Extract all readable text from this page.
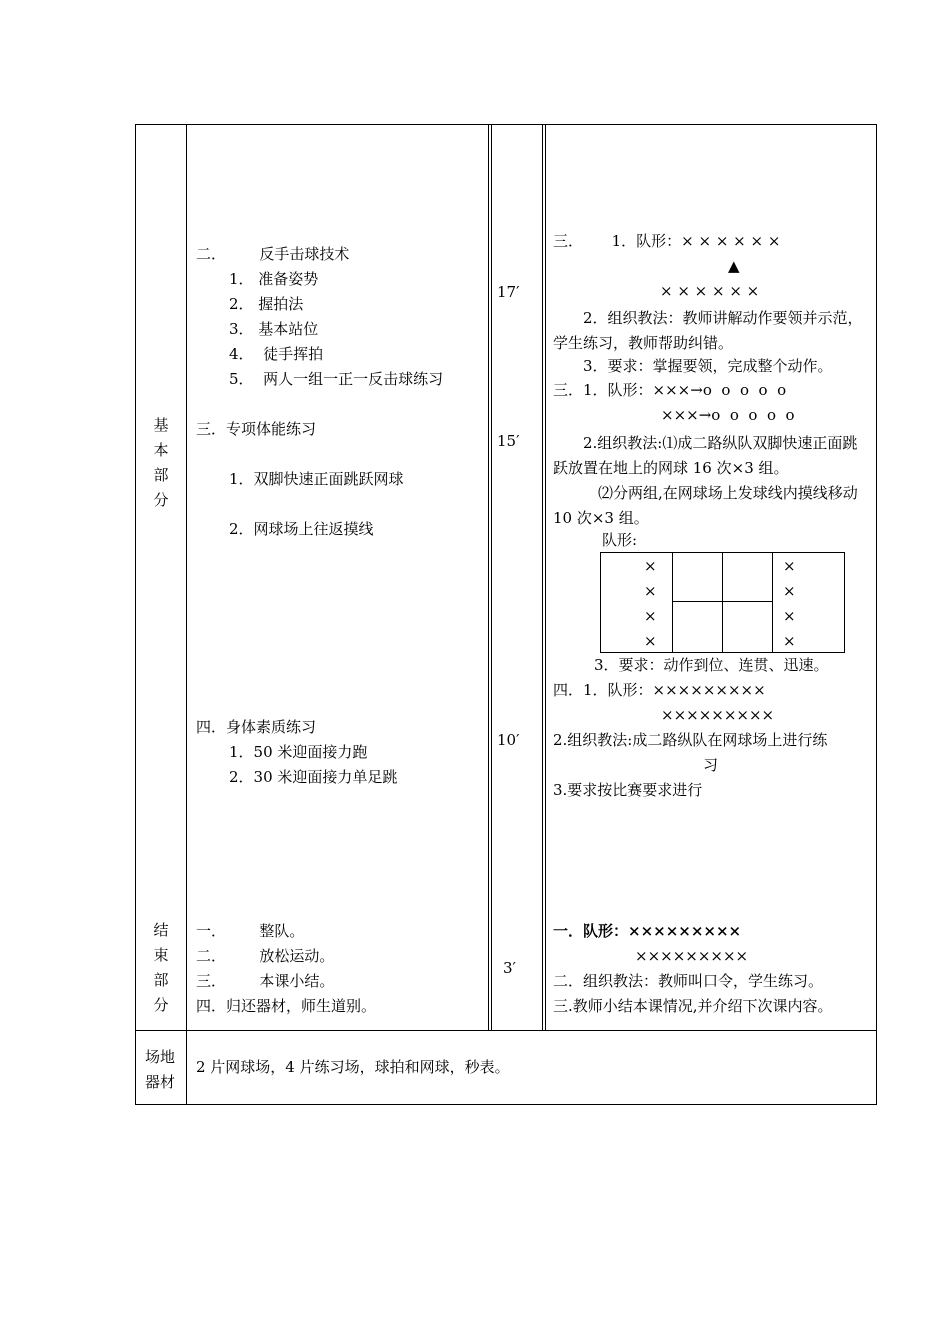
基本部分
结束部分
场地
器材
二．       反手击球技术
1． 准备姿势
2． 握拍法
3． 基本站位
4．  徒手挥拍
5．  两人一组一正一反击球练习
三．专项体能练习
1．双脚快速正面跳跃网球
2．网球场上往返摸线
四．身体素质练习
1．50 米迎面接力跑
2．30 米迎面接力单足跳
一．       整队。
二．       放松运动。
三．       本课小结。
四．归还器材，师生道别。
17′
15′
10′
3′
三．      1．队形：× × × × × ×
▲
× × × × × ×
2．组织教法：教师讲解动作要领并示范，学生练习，教师帮助纠错。
3．要求：掌握要领，完成整个动作。
三．1．队形：×××→o  o  o  o  o
×××→o  o  o  o  o
2.组织教法:⑴成二路纵队双脚快速正面跳跃放置在地上的网球 16 次×3 组。
⑵分两组,在网球场上发球线内摸线移动 10 次×3 组。
队形:
×
×
×
×
×
×
×
×
3．要求：动作到位、连贯、迅速。
四．1．队形：×××××××××
×××××××××
2.组织教法:成二路纵队在网球场上进行练
习
3.要求按比赛要求进行
一．队形：×××××××××
×××××××××
二．组织教法：教师叫口令，学生练习。
三.教师小结本课情况,并介绍下次课内容。
2 片网球场，4 片练习场，球拍和网球，秒表。
